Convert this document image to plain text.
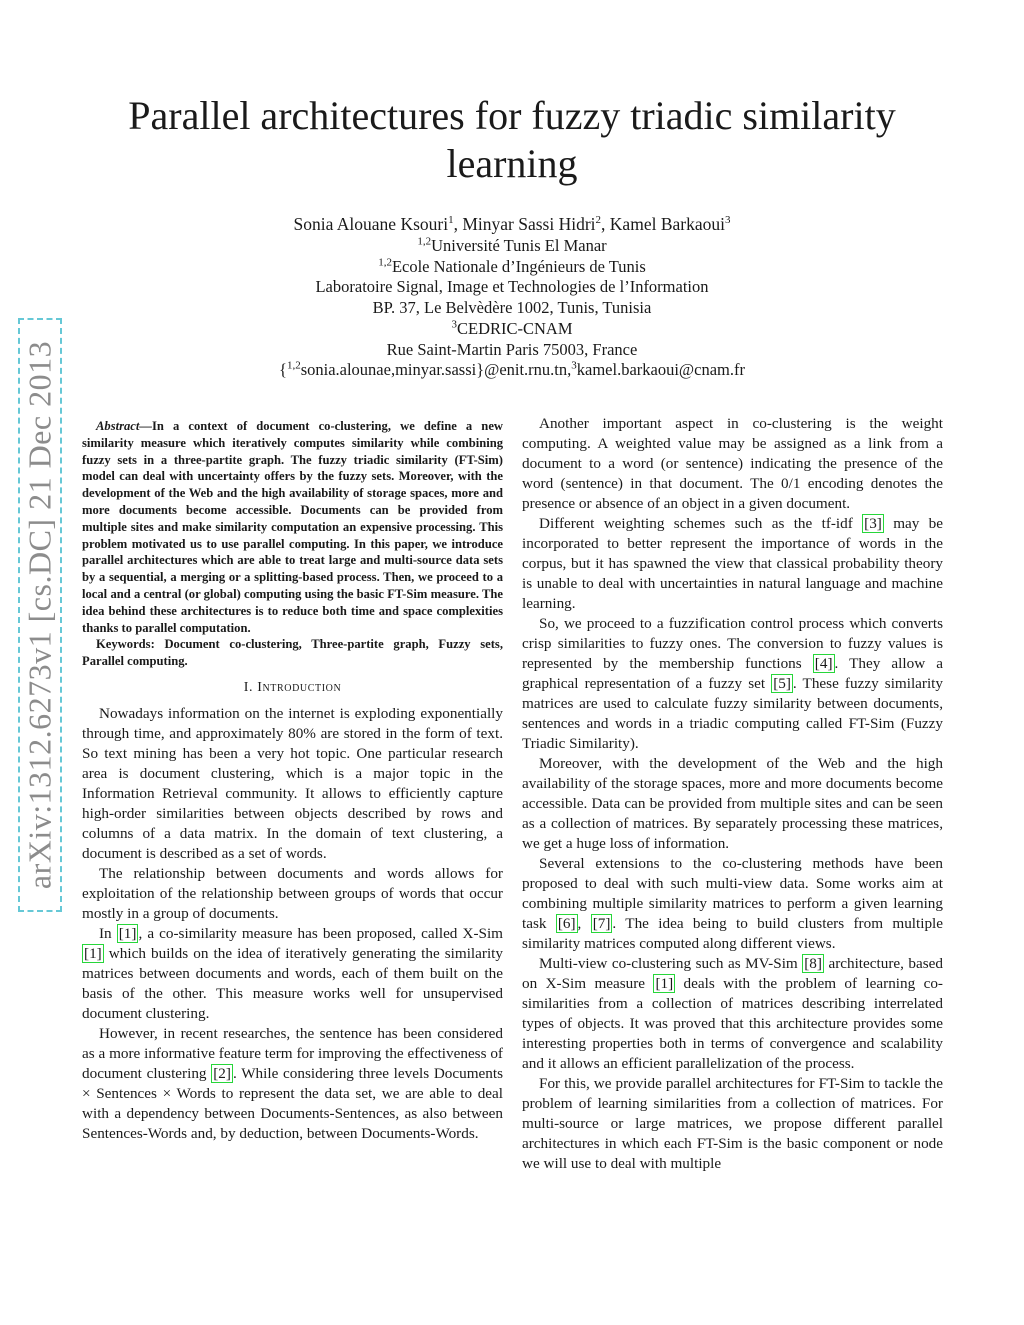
arXiv:1312.6273v1 [cs.DC] 21 Dec 2013
Parallel architectures for fuzzy triadic similarity learning
Sonia Alouane Ksouri$^1$, Minyar Sassi Hidri$^2$, Kamel Barkaoui$^3$
$^{1,2}$Université Tunis El Manar
$^{1,2}$Ecole Nationale d’Ingénieurs de Tunis
Laboratoire Signal, Image et Technologies de l’Information
BP. 37, Le Belvèdère 1002, Tunis, Tunisia
$^3$CEDRIC-CNAM
Rue Saint-Martin Paris 75003, France
{$^{1,2}$sonia.alounae,minyar.sassi}@enit.rnu.tn,$^3$kamel.barkaoui@cnam.fr

Abstract—In a context of document co-clustering, we define a new similarity measure which iteratively computes similarity while combining fuzzy sets in a three-partite graph. The fuzzy triadic similarity (FT-Sim) model can deal with uncertainty offers by the fuzzy sets. Moreover, with the development of the Web and the high availability of storage spaces, more and more documents become accessible. Documents can be provided from multiple sites and make similarity computation an expensive processing. This problem motivated us to use parallel computing. In this paper, we introduce parallel architectures which are able to treat large and multi-source data sets by a sequential, a merging or a splitting-based process. Then, we proceed to a local and a central (or global) computing using the basic FT-Sim measure. The idea behind these architectures is to reduce both time and space complexities thanks to parallel computation.

Keywords: Document co-clustering, Three-partite graph, Fuzzy sets, Parallel computing.

I. Introduction

Nowadays information on the internet is exploding exponentially through time, and approximately 80% are stored in the form of text. So text mining has been a very hot topic. One particular research area is document clustering, which is a major topic in the Information Retrieval community. It allows to efficiently capture high-order similarities between objects described by rows and columns of a data matrix. In the domain of text clustering, a document is described as a set of words.

The relationship between documents and words allows for exploitation of the relationship between groups of words that occur mostly in a group of documents.

In [1] , a co-similarity measure has been proposed, called X-Sim [1] which builds on the idea of iteratively generating the similarity matrices between documents and words, each of them built on the basis of the other. This measure works well for unsupervised document clustering.

However, in recent researches, the sentence has been considered as a more informative feature term for improving the effectiveness of document clustering [2] . While considering three levels Documents × Sentences × Words to represent the data set, we are able to deal with a dependency between Documents-Sentences, as also between Sentences-Words and, by deduction, between Documents-Words.

Another important aspect in co-clustering is the weight computing. A weighted value may be assigned as a link from a document to a word (or sentence) indicating the presence of the word (sentence) in that document. The 0/1 encoding denotes the presence or absence of an object in a given document.

Different weighting schemes such as the tf-idf [3] may be incorporated to better represent the importance of words in the corpus, but it has spawned the view that classical probability theory is unable to deal with uncertainties in natural language and machine learning.

So, we proceed to a fuzzification control process which converts crisp similarities to fuzzy ones. The conversion to fuzzy values is represented by the membership functions [4] . They allow a graphical representation of a fuzzy set [5] . These fuzzy similarity matrices are used to calculate fuzzy similarity between documents, sentences and words in a triadic computing called FT-Sim (Fuzzy Triadic Similarity).

Moreover, with the development of the Web and the high availability of the storage spaces, more and more documents become accessible. Data can be provided from multiple sites and can be seen as a collection of matrices. By separately processing these matrices, we get a huge loss of information.

Several extensions to the co-clustering methods have been proposed to deal with such multi-view data. Some works aim at combining multiple similarity matrices to perform a given learning task [6] , [7] . The idea being to build clusters from multiple similarity matrices computed along different views.

Multi-view co-clustering such as MV-Sim [8] architecture, based on X-Sim measure [1] deals with the problem of learning co-similarities from a collection of matrices describing interrelated types of objects. It was proved that this architecture provides some interesting properties both in terms of convergence and scalability and it allows an efficient parallelization of the process.

For this, we provide parallel architectures for FT-Sim to tackle the problem of learning similarities from a collection of matrices. For multi-source or large matrices, we propose different parallel architectures in which each FT-Sim is the basic component or node we will use to deal with multiple
